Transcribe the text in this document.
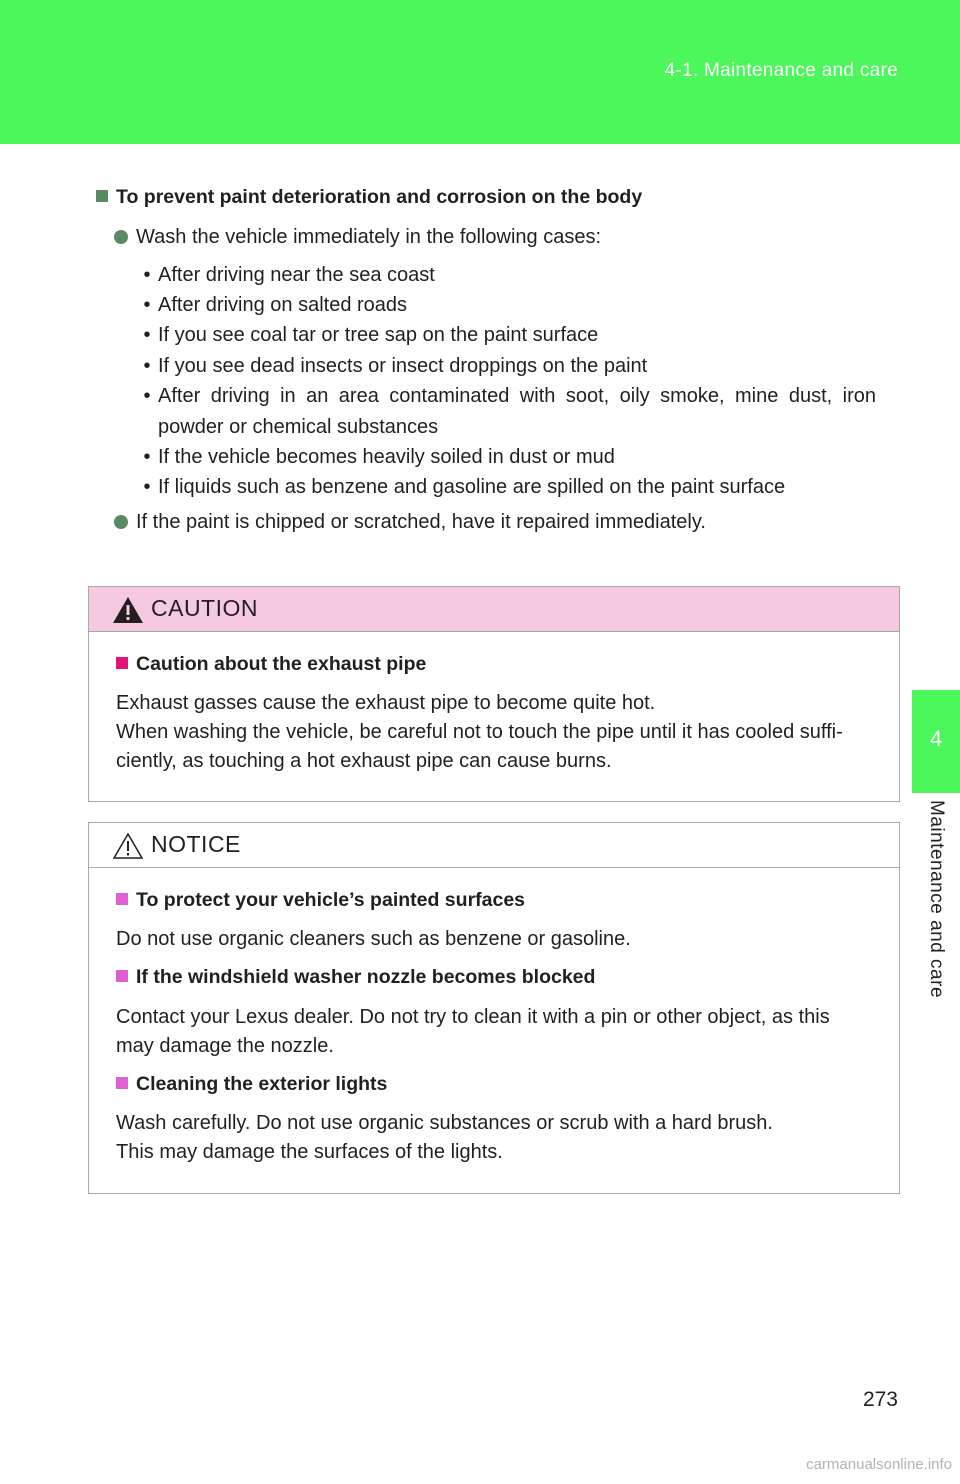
4-1. Maintenance and care
4
Maintenance and care
To prevent paint deterioration and corrosion on the body
Wash the vehicle immediately in the following cases:
• After driving near the sea coast
• After driving on salted roads
• If you see coal tar or tree sap on the paint surface
• If you see dead insects or insect droppings on the paint
• After driving in an area contaminated with soot, oily smoke, mine dust, iron
powder or chemical substances
• If the vehicle becomes heavily soiled in dust or mud
• If liquids such as benzene and gasoline are spilled on the paint surface
If the paint is chipped or scratched, have it repaired immediately.
CAUTION
Caution about the exhaust pipe
Exhaust gasses cause the exhaust pipe to become quite hot.
When washing the vehicle, be careful not to touch the pipe until it has cooled suffi-
ciently, as touching a hot exhaust pipe can cause burns.
NOTICE
To protect your vehicle’s painted surfaces
Do not use organic cleaners such as benzene or gasoline.
If the windshield washer nozzle becomes blocked
Contact your Lexus dealer. Do not try to clean it with a pin or other object, as this
may damage the nozzle.
Cleaning the exterior lights
Wash carefully. Do not use organic substances or scrub with a hard brush.
This may damage the surfaces of the lights.
273
carmanualsonline.info
